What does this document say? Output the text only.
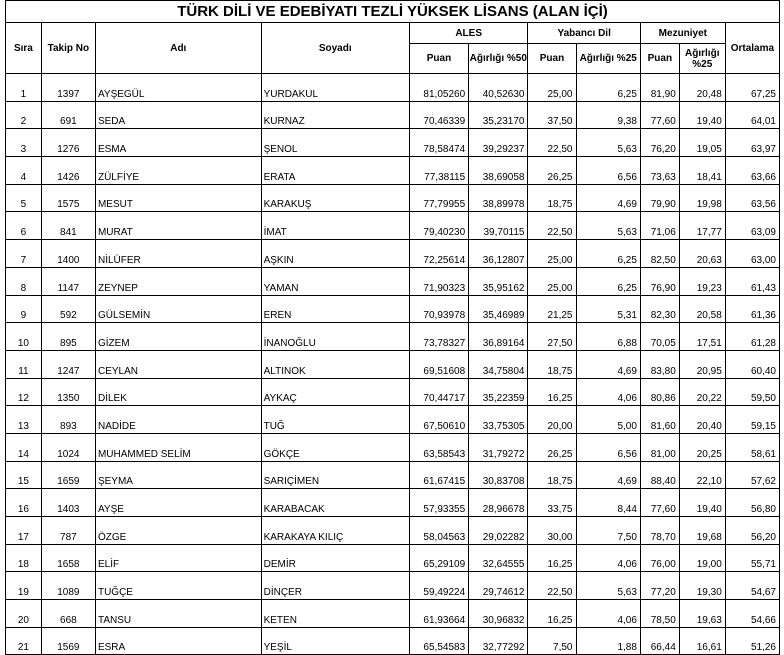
TÜRK DİLİ VE EDEBİYATI TEZLİ YÜKSEK LİSANS (ALAN İÇİ)
Sıra	Takip No	Adı	Soyadı	ALES		Yabancı Dil		Mezuniyet		Ortalama
				Puan	Ağırlığı %50	Puan	Ağırlığı %25	Puan	Ağırlığı %25	

1	1397	AYŞEGÜL	YURDAKUL	81,05260	40,52630	25,00	6,25	81,90	20,48	67,25
2	691	SEDA	KURNAZ	70,46339	35,23170	37,50	9,38	77,60	19,40	64,01
3	1276	ESMA	ŞENOL	78,58474	39,29237	22,50	5,63	76,20	19,05	63,97
4	1426	ZÜLFİYE	ERATA	77,38115	38,69058	26,25	6,56	73,63	18,41	63,66
5	1575	MESUT	KARAKUŞ	77,79955	38,89978	18,75	4,69	79,90	19,98	63,56
6	841	MURAT	İMAT	79,40230	39,70115	22,50	5,63	71,06	17,77	63,09
7	1400	NİLÜFER	AŞKIN	72,25614	36,12807	25,00	6,25	82,50	20,63	63,00
8	1147	ZEYNEP	YAMAN	71,90323	35,95162	25,00	6,25	76,90	19,23	61,43
9	592	GÜLSEMİN	EREN	70,93978	35,46989	21,25	5,31	82,30	20,58	61,36
10	895	GİZEM	İNANOĞLU	73,78327	36,89164	27,50	6,88	70,05	17,51	61,28
11	1247	CEYLAN	ALTINOK	69,51608	34,75804	18,75	4,69	83,80	20,95	60,40
12	1350	DİLEK	AYKAÇ	70,44717	35,22359	16,25	4,06	80,86	20,22	59,50
13	893	NADİDE	TUĞ	67,50610	33,75305	20,00	5,00	81,60	20,40	59,15
14	1024	MUHAMMED SELİM	GÖKÇE	63,58543	31,79272	26,25	6,56	81,00	20,25	58,61
15	1659	ŞEYMA	SARIÇİMEN	61,67415	30,83708	18,75	4,69	88,40	22,10	57,62
16	1403	AYŞE	KARABACAK	57,93355	28,96678	33,75	8,44	77,60	19,40	56,80
17	787	ÖZGE	KARAKAYA KILIÇ	58,04563	29,02282	30,00	7,50	78,70	19,68	56,20
18	1658	ELİF	DEMİR	65,29109	32,64555	16,25	4,06	76,00	19,00	55,71
19	1089	TUĞÇE	DİNÇER	59,49224	29,74612	22,50	5,63	77,20	19,30	54,67
20	668	TANSU	KETEN	61,93664	30,96832	16,25	4,06	78,50	19,63	54,66
21	1569	ESRA	YEŞİL	65,54583	32,77292	7,50	1,88	66,44	16,61	51,26
